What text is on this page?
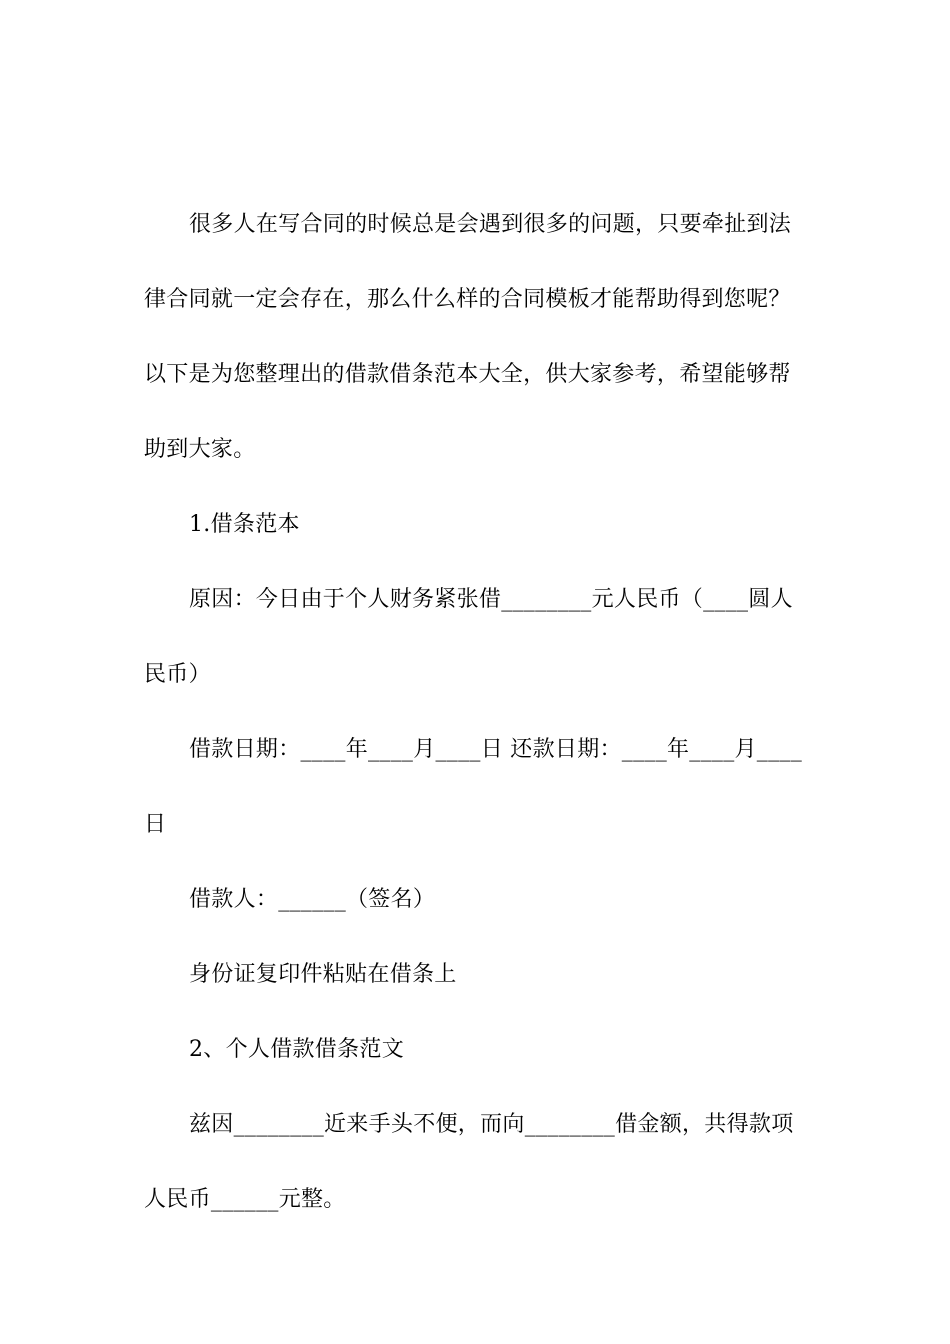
很多人在写合同的时候总是会遇到很多的问题，只要牵扯到法
律合同就一定会存在，那么什么样的合同模板才能帮助得到您呢？
以下是为您整理出的借款借条范本大全，供大家参考，希望能够帮
助到大家。
1.借条范本
原因：今日由于个人财务紧张借________元人民币（____圆人
民币）
借款日期：____年____月____日 还款日期：____年____月____
日
借款人：______（签名）
身份证复印件粘贴在借条上
2、个人借款借条范文
兹因________近来手头不便，而向________借金额，共得款项
人民币______元整。
